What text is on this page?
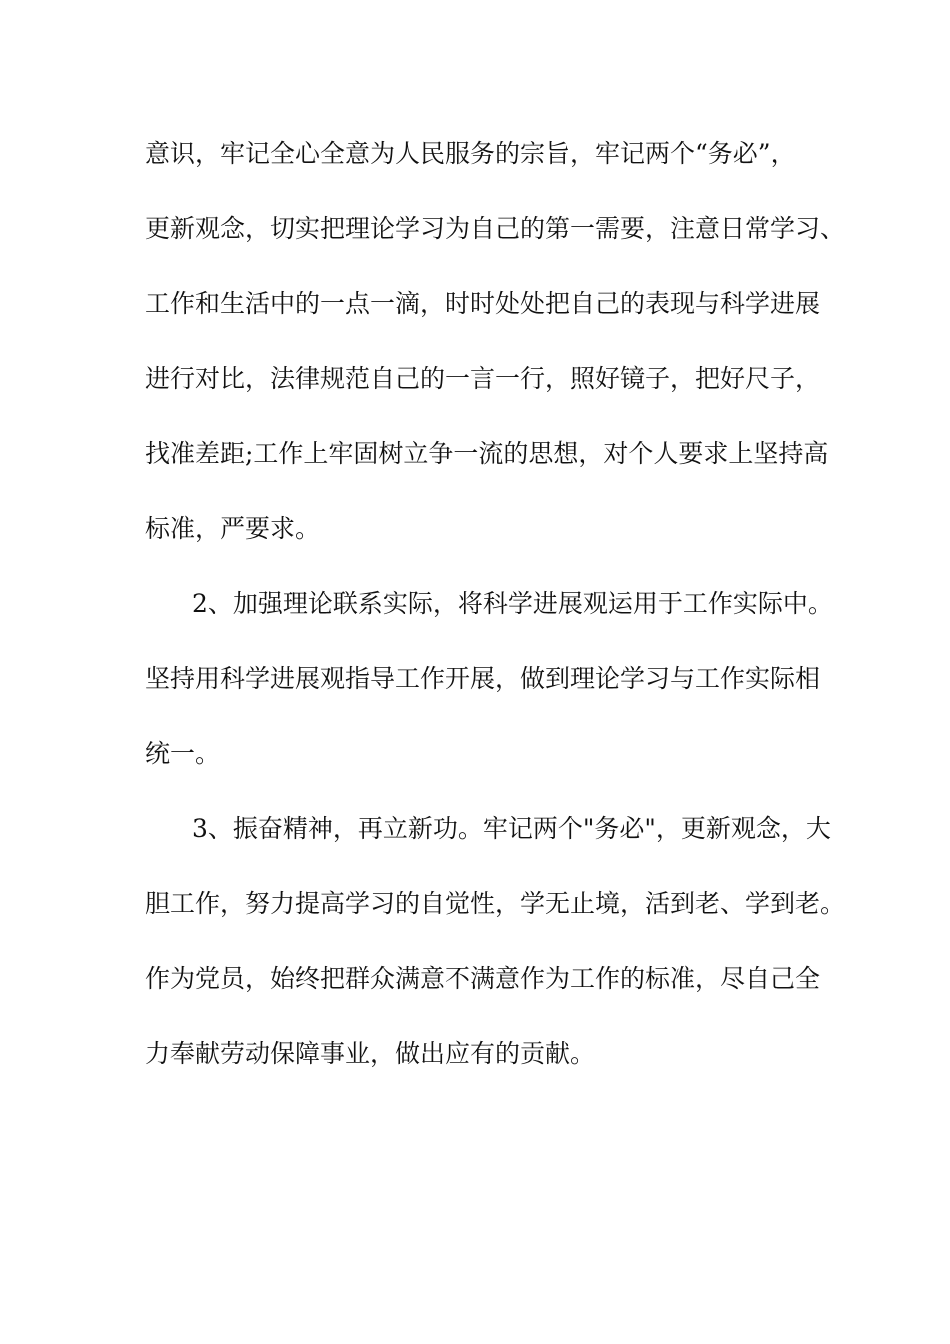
意识，牢记全心全意为人民服务的宗旨，牢记两个“务必”，
更新观念，切实把理论学习为自己的第一需要，注意日常学习、
工作和生活中的一点一滴，时时处处把自己的表现与科学进展
进行对比，法律规范自己的一言一行，照好镜子，把好尺子，
找准差距;工作上牢固树立争一流的思想，对个人要求上坚持高
标准，严要求。
2、加强理论联系实际，将科学进展观运用于工作实际中。
坚持用科学进展观指导工作开展，做到理论学习与工作实际相
统一。
3、振奋精神，再立新功。牢记两个"务必"，更新观念，大
胆工作，努力提高学习的自觉性，学无止境，活到老、学到老。
作为党员，始终把群众满意不满意作为工作的标准，尽自己全
力奉献劳动保障事业，做出应有的贡献。
